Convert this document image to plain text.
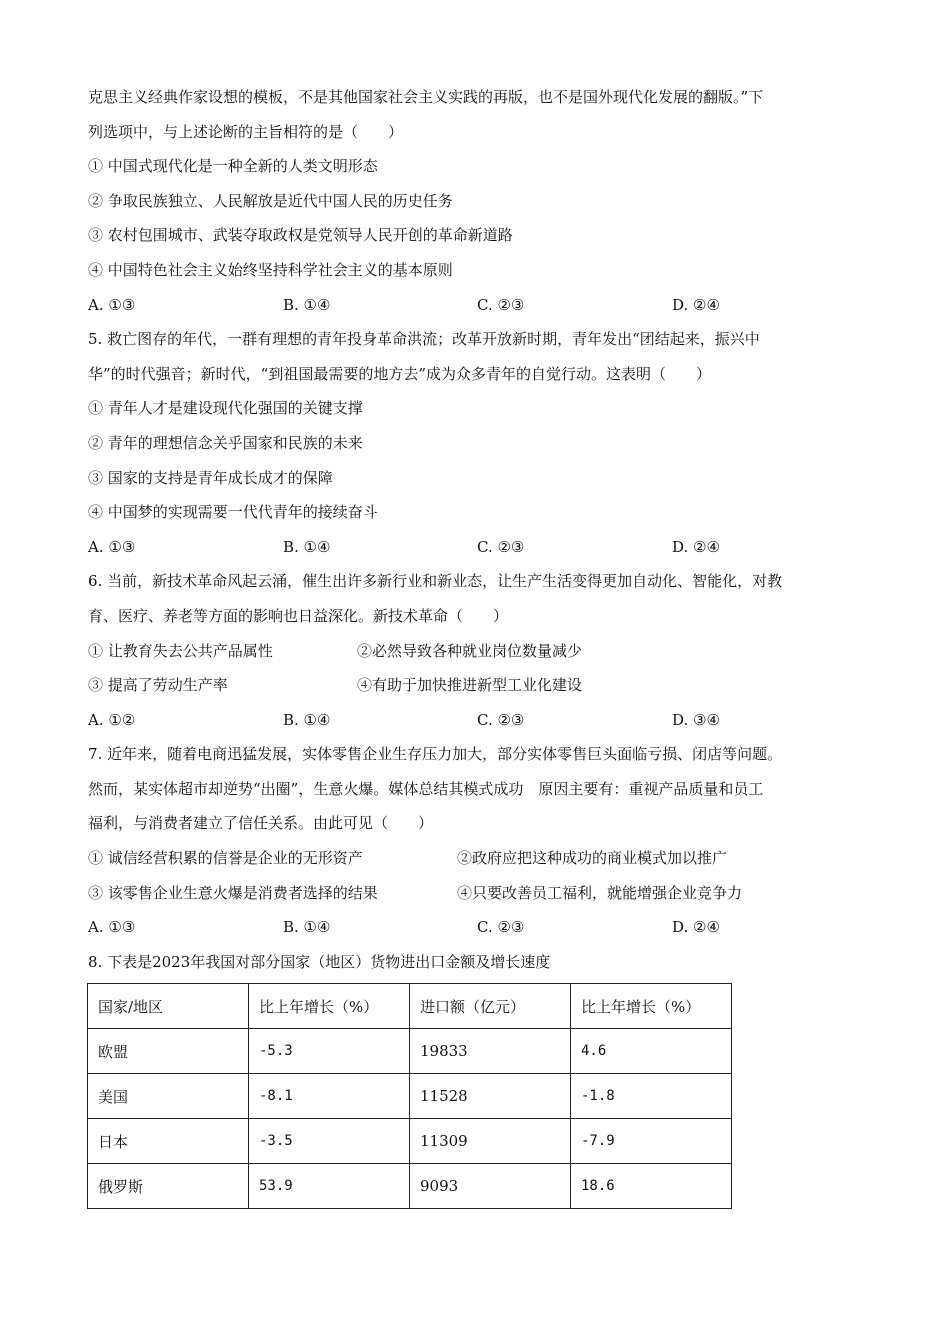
克思主义经典作家设想的模板，不是其他国家社会主义实践的再版，也不是国外现代化发展的翻版。”下
列选项中，与上述论断的主旨相符的是（　　）
① 中国式现代化是一种全新的人类文明形态
② 争取民族独立、人民解放是近代中国人民的历史任务
③ 农村包围城市、武装夺取政权是党领导人民开创的革命新道路
④ 中国特色社会主义始终坚持科学社会主义的基本原则
A. ①③	B. ①④	C. ②③	D. ②④
5. 救亡图存的年代，一群有理想的青年投身革命洪流；改革开放新时期，青年发出“团结起来，振兴中
华”的时代强音；新时代，“到祖国最需要的地方去”成为众多青年的自觉行动。这表明（　　）
① 青年人才是建设现代化强国的关键支撑
② 青年的理想信念关乎国家和民族的未来
③ 国家的支持是青年成长成才的保障
④ 中国梦的实现需要一代代青年的接续奋斗
A. ①③	B. ①④	C. ②③	D. ②④
6. 当前，新技术革命风起云涌，催生出许多新行业和新业态，让生产生活变得更加自动化、智能化，对教
育、医疗、养老等方面的影响也日益深化。新技术革命（　　）
① 让教育失去公共产品属性	②必然导致各种就业岗位数量减少
③ 提高了劳动生产率	④有助于加快推进新型工业化建设
A. ①②	B. ①④	C. ②③	D. ③④
7. 近年来，随着电商迅猛发展，实体零售企业生存压力加大，部分实体零售巨头面临亏损、闭店等问题。
然而，某实体超市却逆势“出圈”，生意火爆。媒体总结其模式成功　原因主要有：重视产品质量和员工
福利，与消费者建立了信任关系。由此可见（　　）
① 诚信经营积累的信誉是企业的无形资产	②政府应把这种成功的商业模式加以推广
③ 该零售企业生意火爆是消费者选择的结果	④只要改善员工福利，就能增强企业竞争力
A. ①③	B. ①④	C. ②③	D. ②④
8. 下表是2023年我国对部分国家（地区）货物进出口金额及增长速度
国家/地区	比上年增长（%）	进口额（亿元）	比上年增长（%）
欧盟	-5.3	19833	4.6
美国	-8.1	11528	-1.8
日本	-3.5	11309	-7.9
俄罗斯	53.9	9093	18.6
